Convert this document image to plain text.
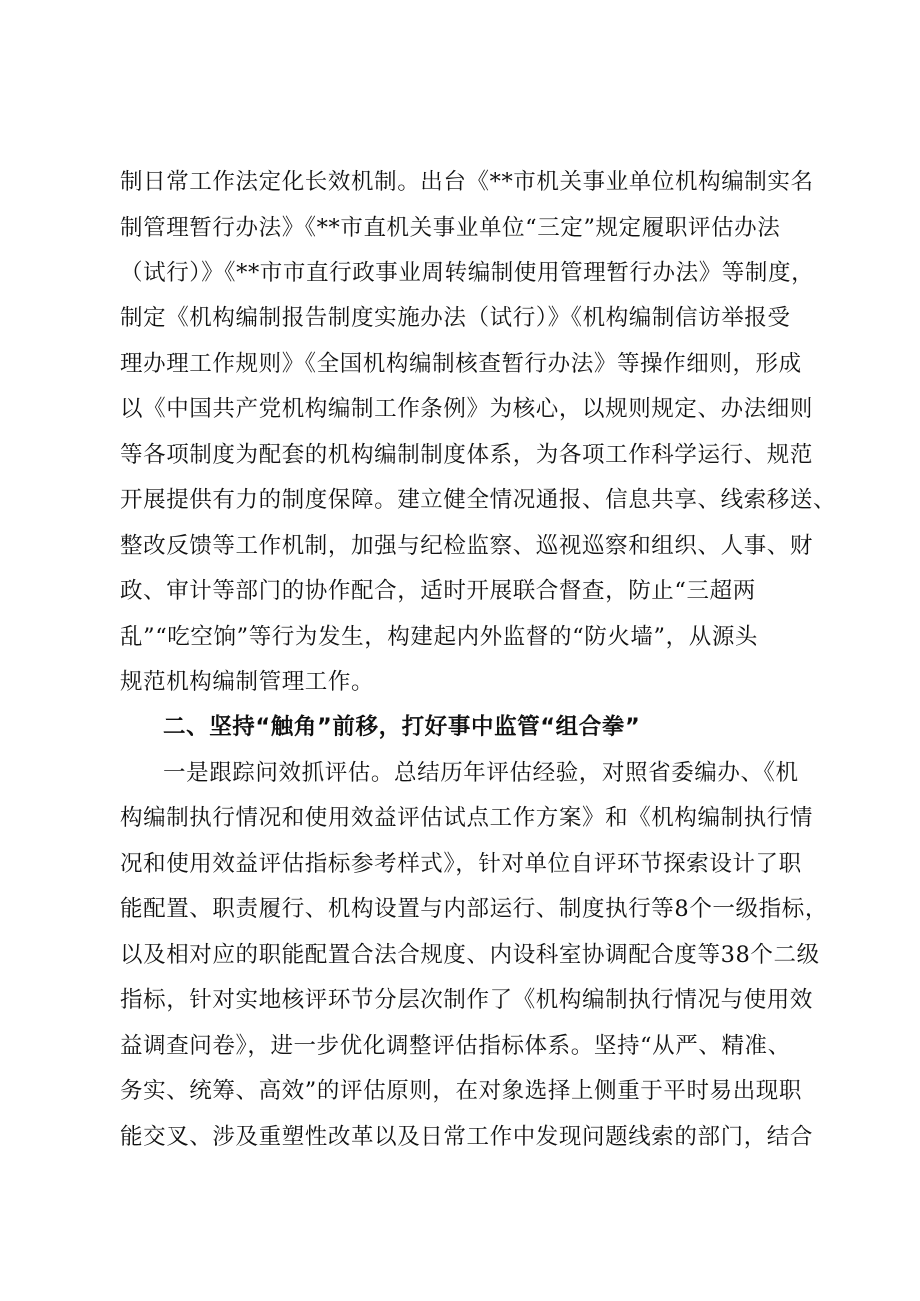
制日常工作法定化长效机制。出台《**市机关事业单位机构编制实名
制管理暂行办法》《**市直机关事业单位“三定”规定履职评估办法
（试行）》《**市市直行政事业周转编制使用管理暂行办法》等制度，
制定《机构编制报告制度实施办法（试行）》《机构编制信访举报受
理办理工作规则》《全国机构编制核查暂行办法》等操作细则，形成
以《中国共产党机构编制工作条例》为核心，以规则规定、办法细则
等各项制度为配套的机构编制制度体系，为各项工作科学运行、规范
开展提供有力的制度保障。建立健全情况通报、信息共享、线索移送、
整改反馈等工作机制，加强与纪检监察、巡视巡察和组织、人事、财
政、审计等部门的协作配合，适时开展联合督查，防止“三超两
乱”“吃空饷”等行为发生，构建起内外监督的“防火墙”，从源头
规范机构编制管理工作。
二、坚持“触角”前移，打好事中监管“组合拳”
一是跟踪问效抓评估。总结历年评估经验，对照省委编办、《机
构编制执行情况和使用效益评估试点工作方案》和《机构编制执行情
况和使用效益评估指标参考样式》，针对单位自评环节探索设计了职
能配置、职责履行、机构设置与内部运行、制度执行等8个一级指标，
以及相对应的职能配置合法合规度、内设科室协调配合度等38个二级
指标，针对实地核评环节分层次制作了《机构编制执行情况与使用效
益调查问卷》，进一步优化调整评估指标体系。坚持“从严、精准、
务实、统筹、高效”的评估原则，在对象选择上侧重于平时易出现职
能交叉、涉及重塑性改革以及日常工作中发现问题线索的部门，结合
